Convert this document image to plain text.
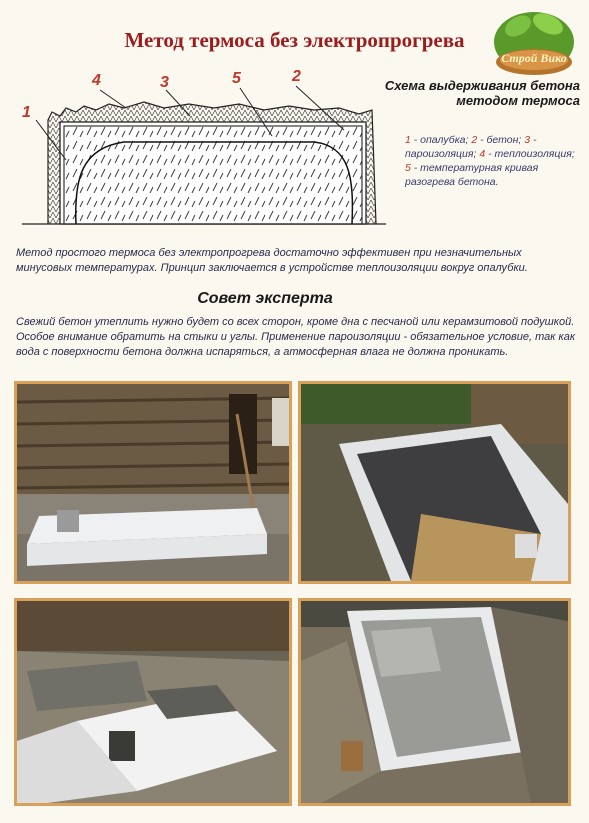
Метод термоса без электропрогрева
Строй Вико
1
4	3	5	2
Схема выдерживания бетона методом термоса
1 - опалубка; 2 - бетон; 3 - пароизоляция; 4 - теплоизоляция; 5 - температурная кривая разогрева бетона.
Метод простого термоса без электропрогрева достаточно эффективен при незначительных минусовых температурах. Принцип заключается в устройстве теплоизоляции вокруг опалубки.
Совет эксперта
Свежий бетон утеплить нужно будет со всех сторон, кроме дна с песчаной или керамзитовой подушкой. Особое внимание обратить на стыки и углы. Применение пароизоляции - обязательное условие, так как вода с поверхности бетона должна испаряться, а атмосферная влага не должна проникать.
